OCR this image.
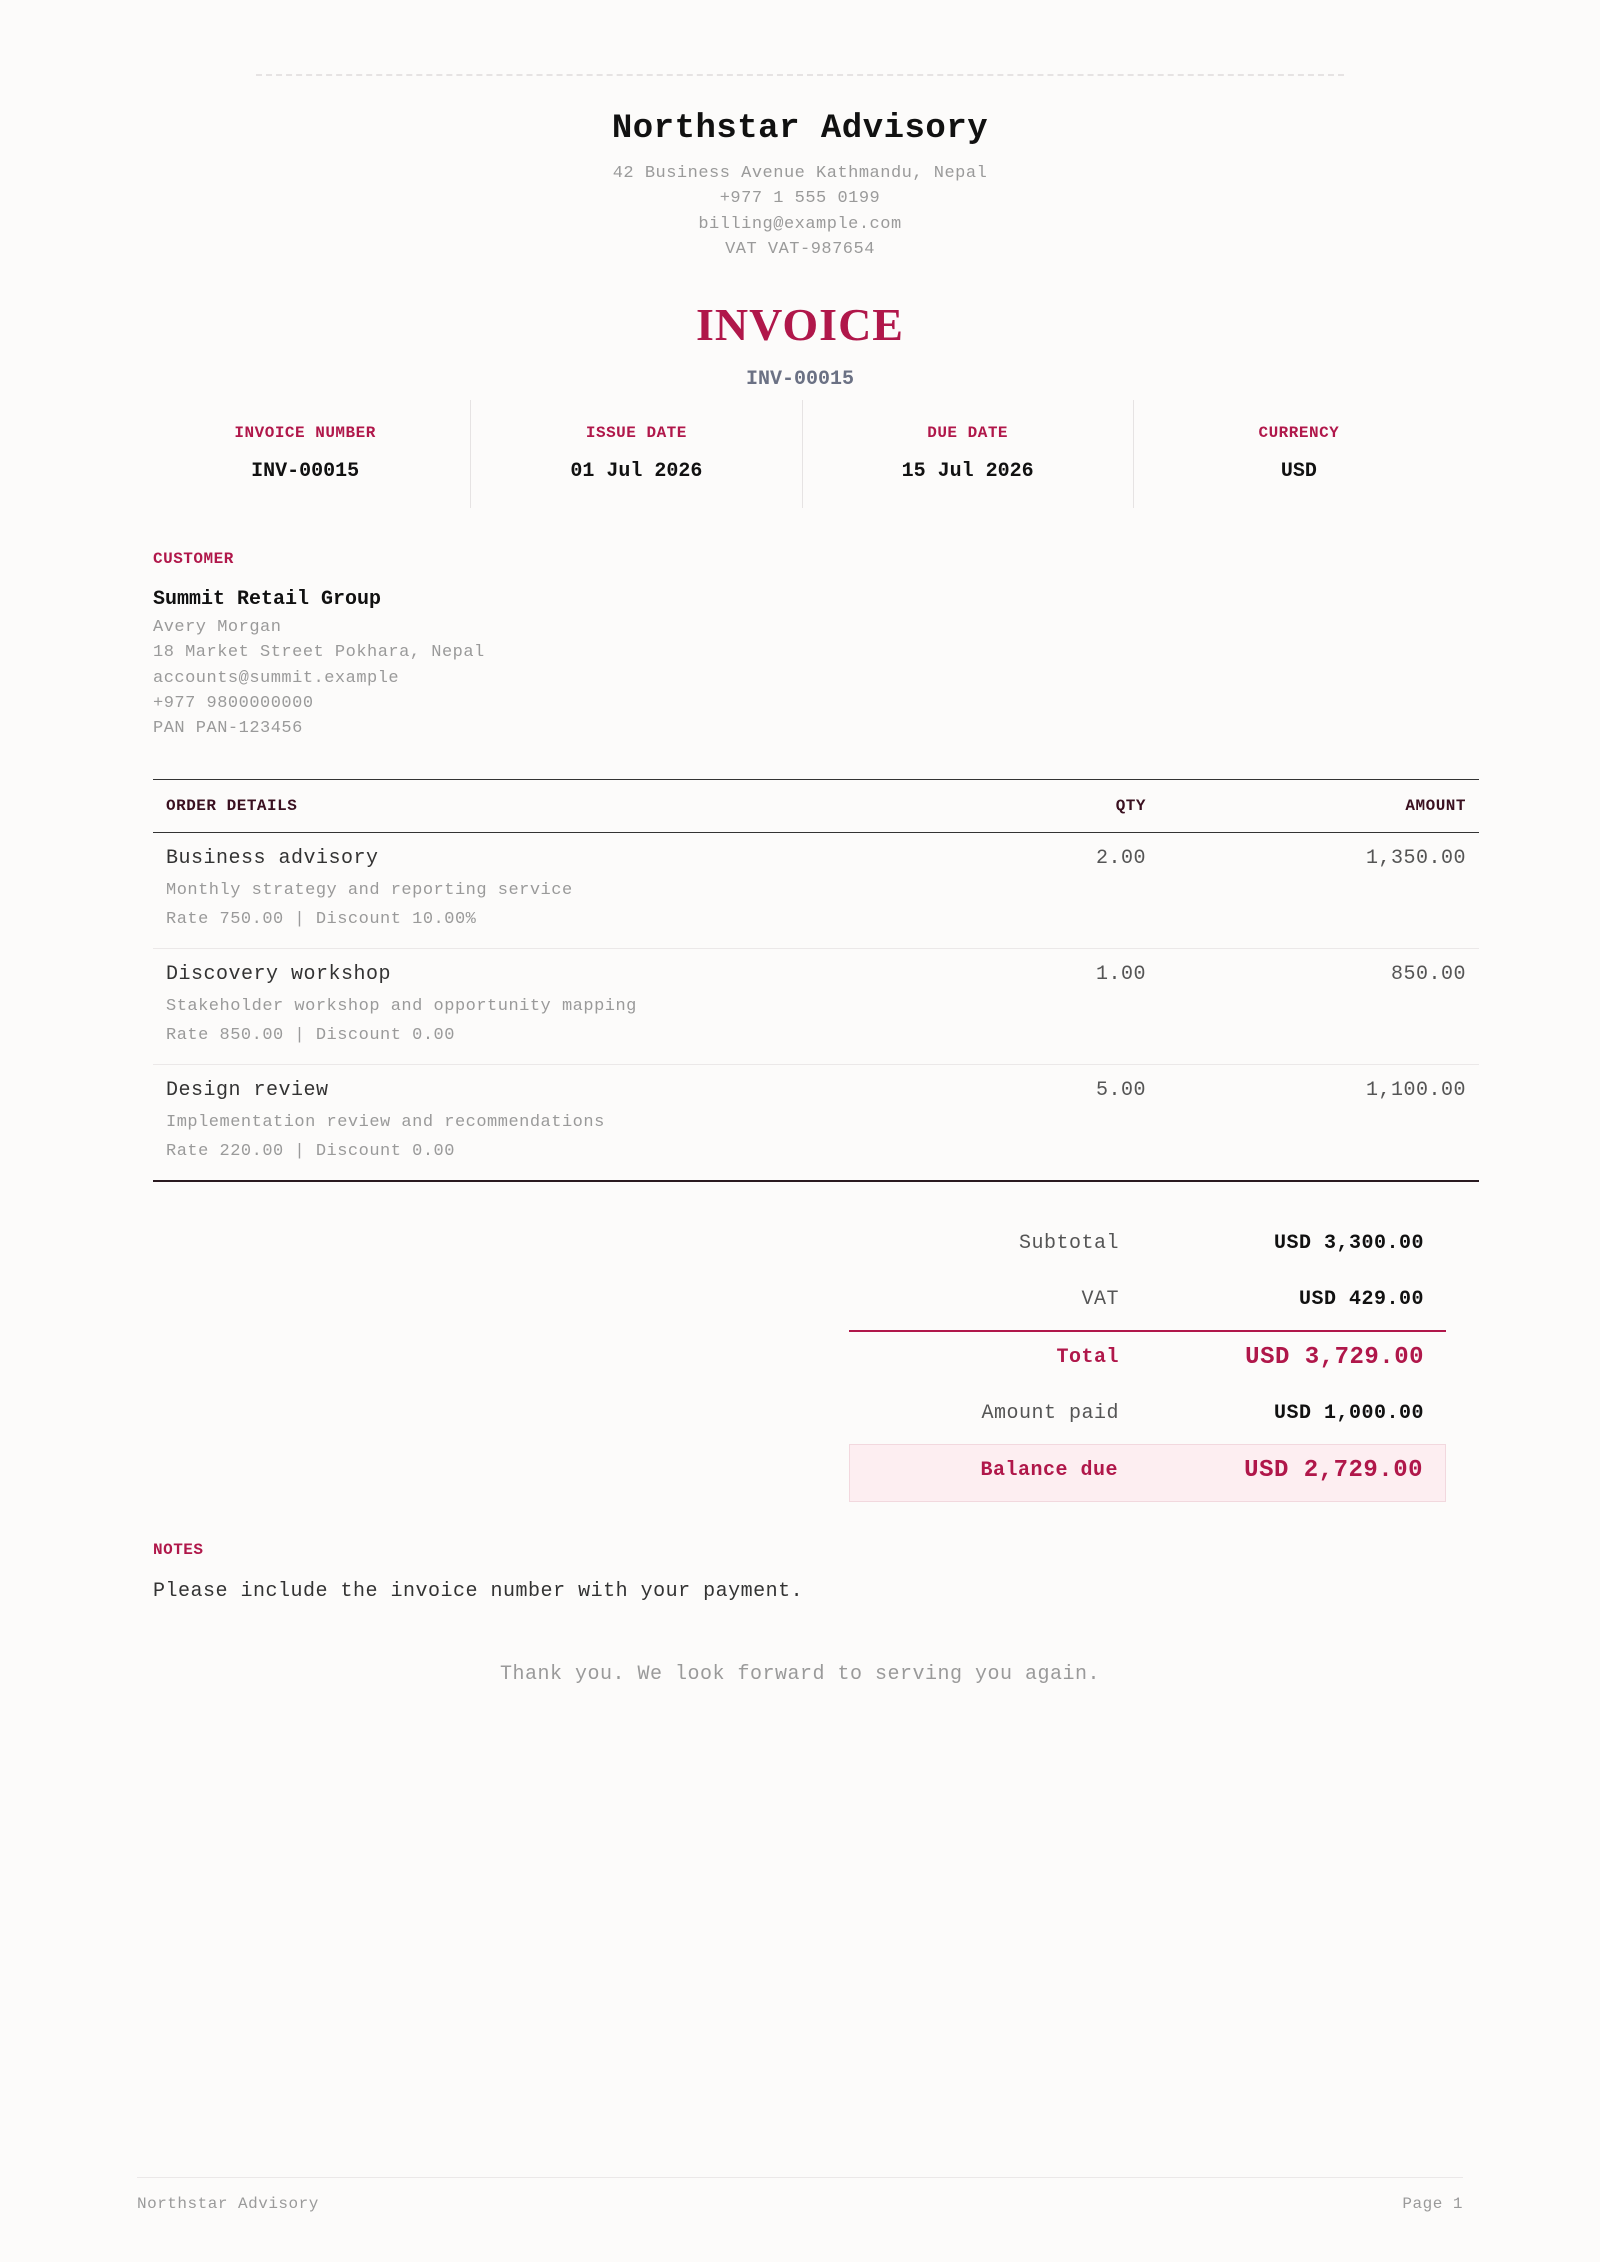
Northstar Advisory
42 Business Avenue Kathmandu, Nepal
+977 1 555 0199
billing@example.com
VAT VAT-987654
INVOICE
INV-00015
INVOICE NUMBER
INV-00015
ISSUE DATE
01 Jul 2026
DUE DATE
15 Jul 2026
CURRENCY
USD
CUSTOMER
Summit Retail Group
Avery Morgan
18 Market Street Pokhara, Nepal
accounts@summit.example
+977 9800000000
PAN PAN-123456
ORDER DETAILS	QTY	AMOUNT
Business advisory
Monthly strategy and reporting service
Rate 750.00 | Discount 10.00%
2.00	1,350.00
Discovery workshop
Stakeholder workshop and opportunity mapping
Rate 850.00 | Discount 0.00
1.00	850.00
Design review
Implementation review and recommendations
Rate 220.00 | Discount 0.00
5.00	1,100.00
Subtotal	USD 3,300.00
VAT	USD 429.00
Total	USD 3,729.00
Amount paid	USD 1,000.00
Balance due	USD 2,729.00
NOTES
Please include the invoice number with your payment.
Thank you. We look forward to serving you again.
Northstar Advisory	Page 1
